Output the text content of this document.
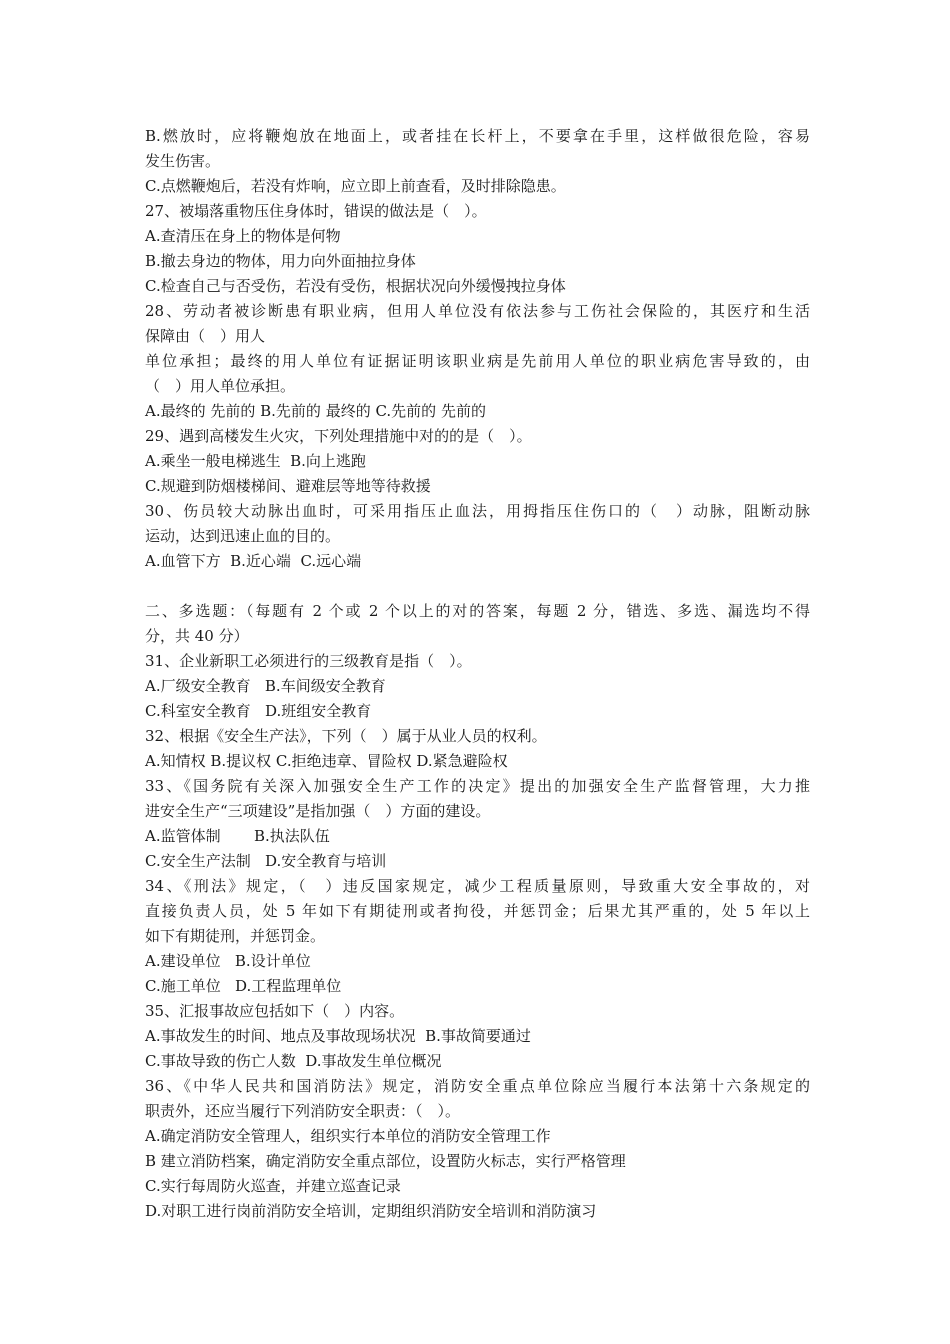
B.燃放时，应将鞭炮放在地面上，或者挂在长杆上，不要拿在手里，这样做很危险，容易
发生伤害。
C.点燃鞭炮后，若没有炸响，应立即上前查看，及时排除隐患。
27、被塌落重物压住身体时，错误的做法是（　）。
A.查清压在身上的物体是何物
B.撤去身边的物体，用力向外面抽拉身体
C.检查自己与否受伤，若没有受伤，根据状况向外缓慢拽拉身体
28、劳动者被诊断患有职业病，但用人单位没有依法参与工伤社会保险的，其医疗和生活
保障由（　）用人
单位承担；最终的用人单位有证据证明该职业病是先前用人单位的职业病危害导致的，由
（　）用人单位承担。
A.最终的 先前的 B.先前的 最终的 C.先前的 先前的
29、遇到高楼发生火灾，下列处理措施中对的的是（　）。
A.乘坐一般电梯逃生  B.向上逃跑
C.规避到防烟楼梯间、避难层等地等待救援
30、伤员较大动脉出血时，可采用指压止血法，用拇指压住伤口的（　）动脉，阻断动脉
运动，达到迅速止血的目的。
A.血管下方  B.近心端  C.远心端
二、多选题：（每题有 2 个或 2 个以上的对的答案，每题 2 分，错选、多选、漏选均不得
分，共 40 分）
31、企业新职工必须进行的三级教育是指（　）。
A.厂级安全教育   B.车间级安全教育
C.科室安全教育   D.班组安全教育
32、根据《安全生产法》，下列（　）属于从业人员的权利。
A.知情权 B.提议权 C.拒绝违章、冒险权 D.紧急避险权
33、《国务院有关深入加强安全生产工作的决定》提出的加强安全生产监督管理，大力推
进安全生产“三项建设”是指加强（　）方面的建设。
A.监管体制       B.执法队伍
C.安全生产法制   D.安全教育与培训
34、《刑法》规定，（　）违反国家规定，减少工程质量原则，导致重大安全事故的，对
直接负责人员，处 5 年如下有期徒刑或者拘役，并惩罚金；后果尤其严重的，处 5 年以上
如下有期徒刑，并惩罚金。
A.建设单位   B.设计单位
C.施工单位   D.工程监理单位
35、汇报事故应包括如下（　）内容。
A.事故发生的时间、地点及事故现场状况  B.事故简要通过
C.事故导致的伤亡人数  D.事故发生单位概况
36、《中华人民共和国消防法》规定，消防安全重点单位除应当履行本法第十六条规定的
职责外，还应当履行下列消防安全职责：（　）。
A.确定消防安全管理人，组织实行本单位的消防安全管理工作
B 建立消防档案，确定消防安全重点部位，设置防火标志，实行严格管理
C.实行每周防火巡查，并建立巡查记录
D.对职工进行岗前消防安全培训，定期组织消防安全培训和消防演习
